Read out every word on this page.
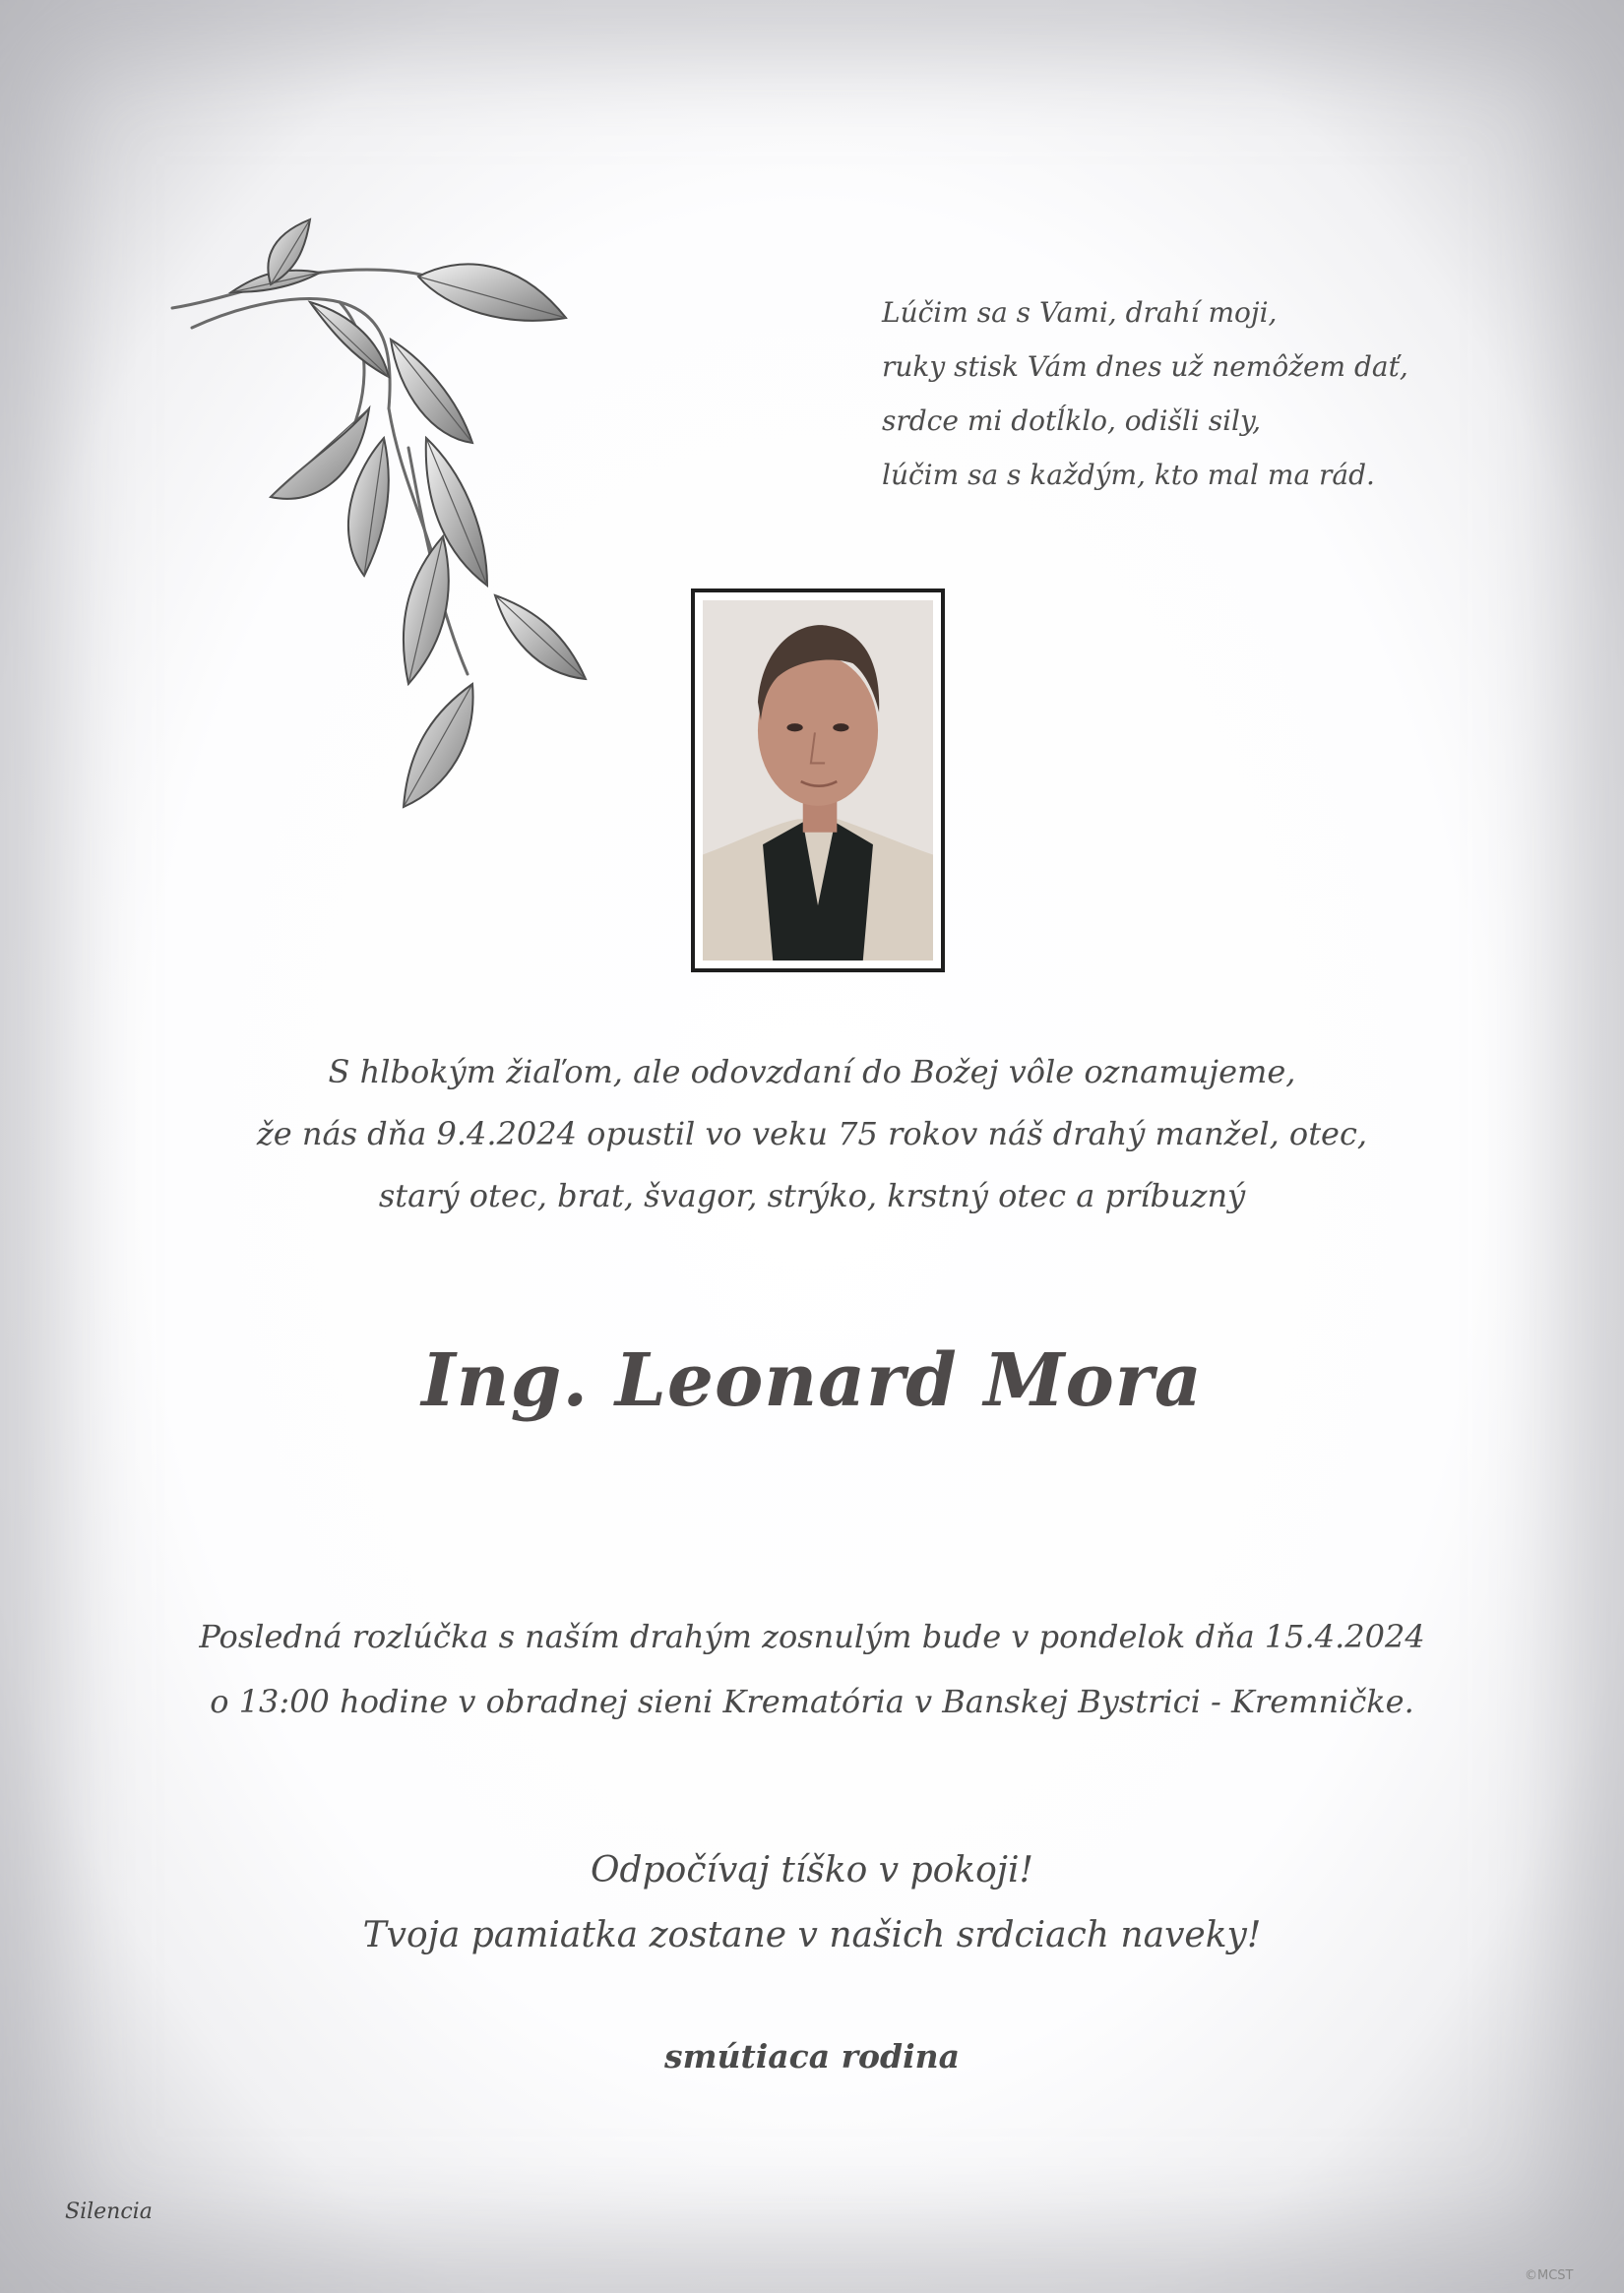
Lúčim sa s Vami, drahí moji,
ruky stisk Vám dnes už nemôžem dať,
srdce mi dotĺklo, odišli sily,
lúčim sa s každým, kto mal ma rád.
S hlbokým žiaľom, ale odovzdaní do Božej vôle oznamujeme,
že nás dňa 9.4.2024 opustil vo veku 75 rokov náš drahý manžel, otec,
starý otec, brat, švagor, strýko, krstný otec a príbuzný
Ing. Leonard Mora
Posledná rozlúčka s naším drahým zosnulým bude v pondelok dňa 15.4.2024
o 13:00 hodine v obradnej sieni Krematória v Banskej Bystrici - Kremničke.
Odpočívaj tíško v pokoji!
Tvoja pamiatka zostane v našich srdciach naveky!
smútiaca rodina
Silencia
©MCST
